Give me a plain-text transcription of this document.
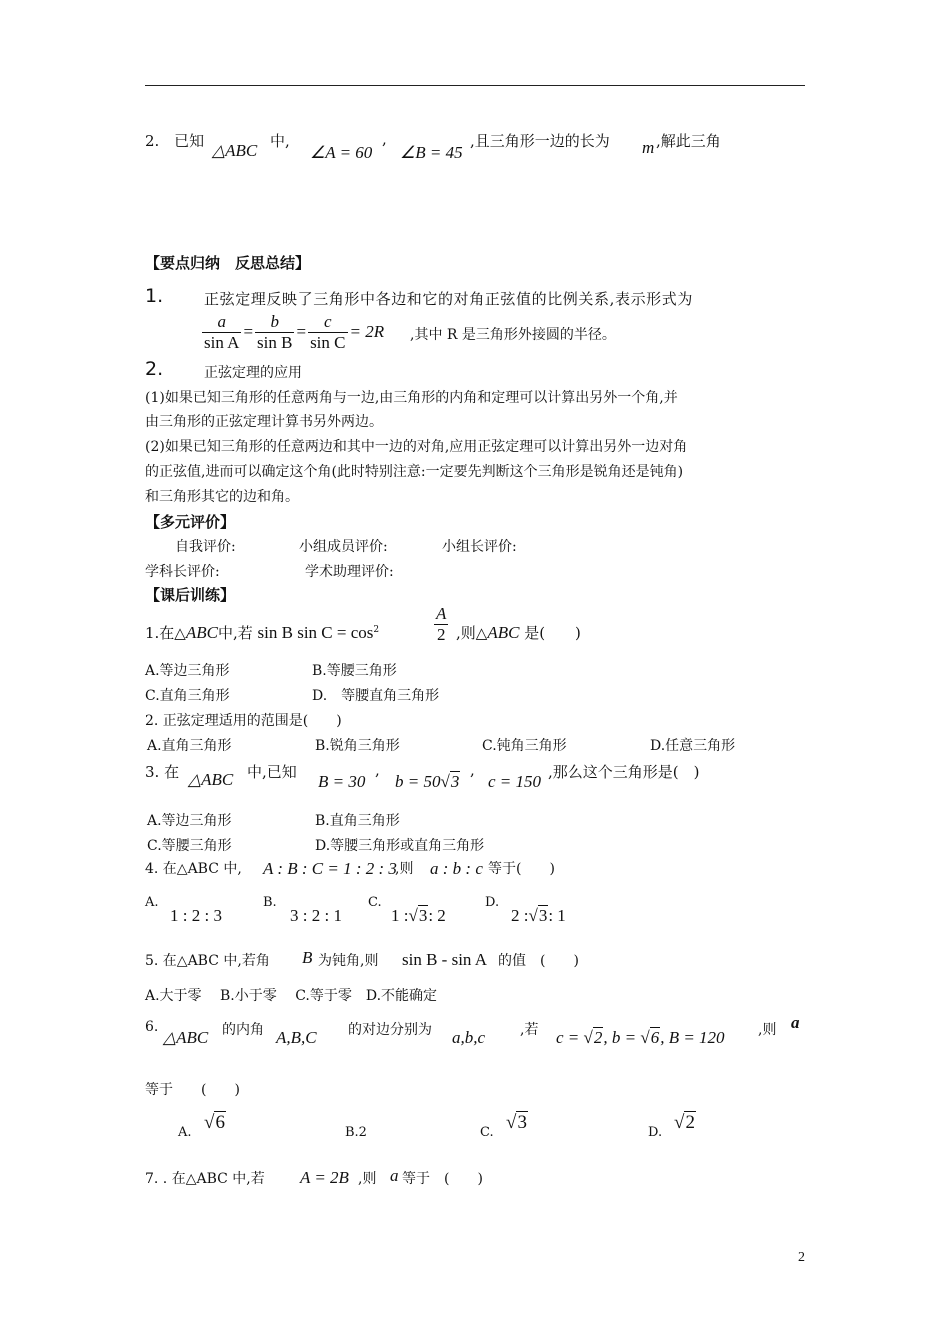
2. 已知 △ABC 中,
∠A = 60
,
∠B = 45
,且三角形一边的长为 m ,解此三角
【要点归纳　反思总结】
1.	正弦定理反映了三角形中各边和它的对角正弦值的比例关系,表示形式为
$\frac{a}{\text{sin A}} = \frac{b}{\text{sin B}} = \frac{c}{\text{sin C}} = 2R$ ,其中 R 是三角形外接圆的半径。
2.	正弦定理的应用
(1)如果已知三角形的任意两角与一边,由三角形的内角和定理可以计算出另外一个角,并
由三角形的正弦定理计算书另外两边。
(2)如果已知三角形的任意两边和其中一边的对角,应用正弦定理可以计算出另外一边对角
的正弦值,进而可以确定这个角(此时特别注意:一定要先判断这个三角形是锐角还是钝角)
和三角形其它的边和角。
【多元评价】
自我评价:	小组成员评价:	小组长评价:
学科长评价:	学术助理评价:
【课后训练】
1.在△ABC中,若 sin B $\sin C = \cos^2$	$\frac{A}{2}$ ,则△ABC 是(　　)
A.等边三角形	B.等腰三角形
C.直角三角形	D.　等腰直角三角形
2. 正弦定理适用的范围是(　　)
A.直角三角形	B.锐角三角形	C.钝角三角形	D.任意三角形
3. 在 △ABC 中,已知 B = 30
,
b = 50√3
,
c = 150 ,那么这个三角形是(　)
A.等边三角形	B.直角三角形
C.等腰三角形	D.等腰三角形或直角三角形
4. 在△ABC 中, A : B : C = 1 : 2 : 3
,则 a : b : c 等于(　　)
A.
1 : 2 : 3
B.
3 : 2 : 1
C.
1 :√3: 2
D.
2 :√3: 1
5. 在△ABC 中,若角 B 为钝角,则 sin B - sin A 的值　(　　)
A.大于零　 B.小于零　 C.等于零　D.不能确定
6.
△ABC 的内角 A,B,C 的对边分别为 a,b,c ,若 c = √2, b = √6, B = 120 ,则 a
等于　　(　　)
A. √6	B.2	C. √3	D. √2
7. . 在△ABC 中,若 A = 2B ,则 a 等于　(　　)
2
